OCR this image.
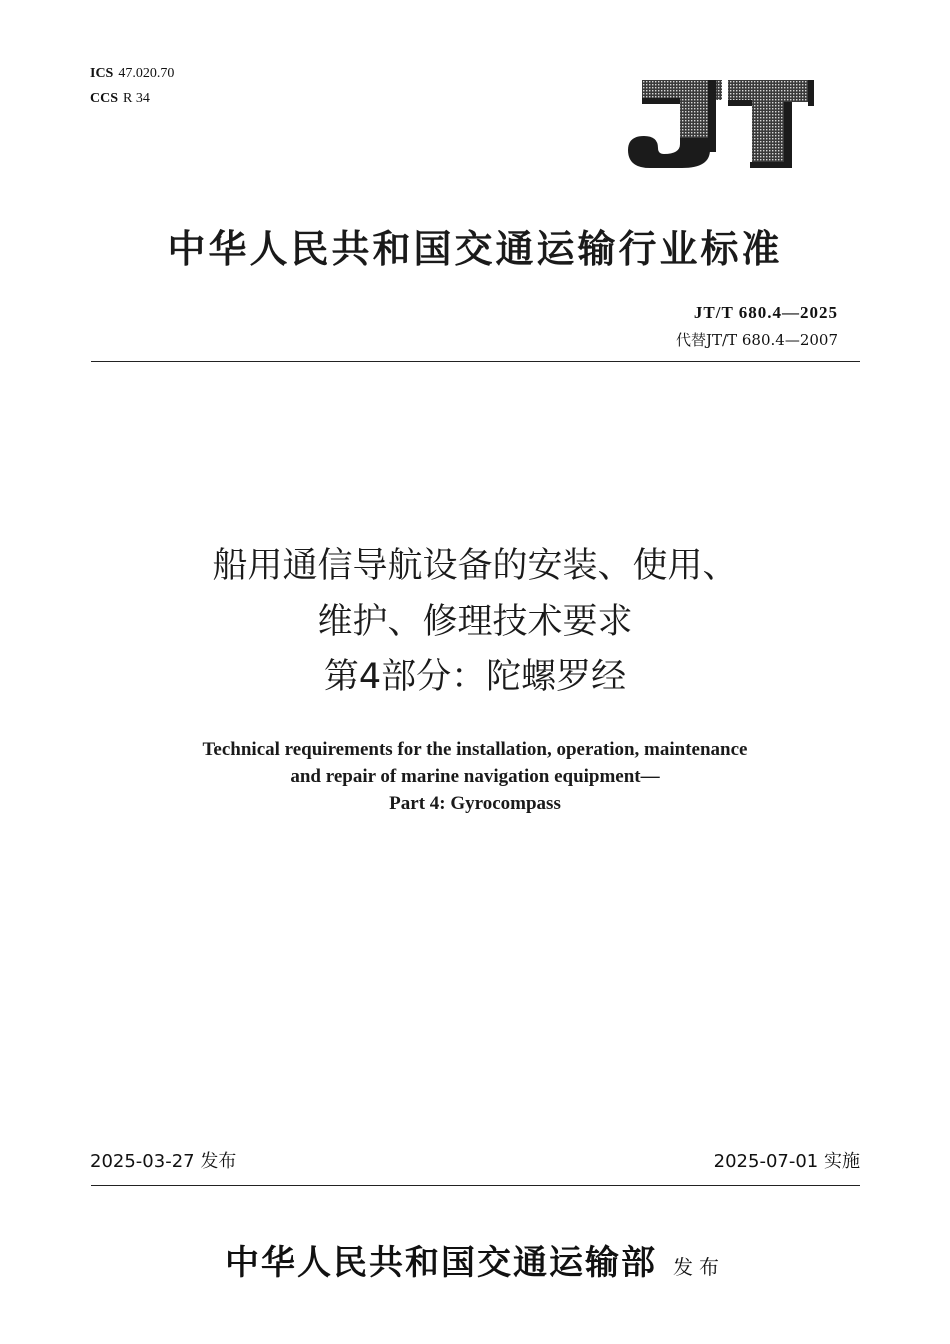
ICS 47.020.70
CCS R 34
中华人民共和国交通运输行业标准
JT/T 680.4—2025
代替JT/T 680.4—2007
船用通信导航设备的安装、使用、
维护、修理技术要求
第4部分：陀螺罗经
Technical requirements for the installation, operation, maintenance
and repair of marine navigation equipment—
Part 4: Gyrocompass
2025-03-27 发布	2025-07-01 实施
中华人民共和国交通运输部 发布
